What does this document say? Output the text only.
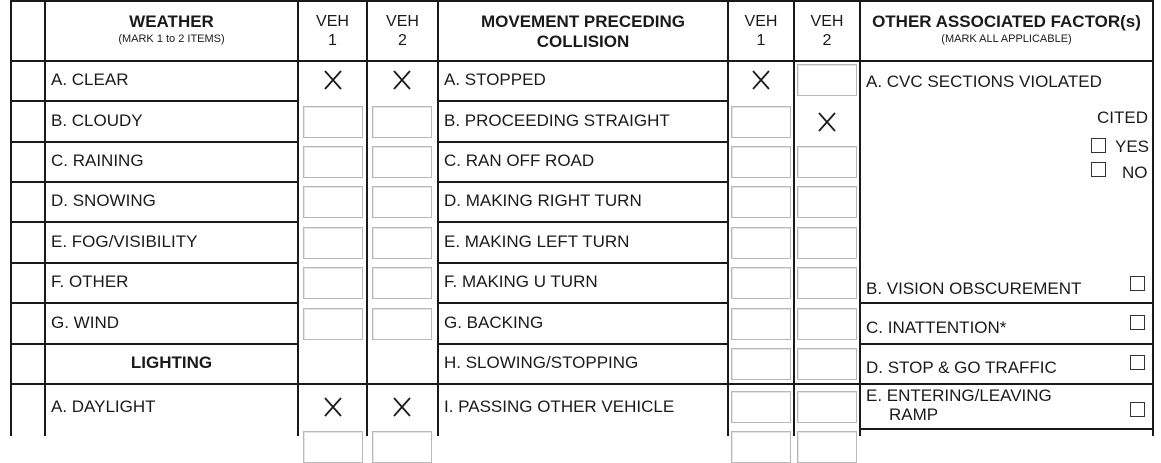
WEATHER
(MARK 1 to 2 ITEMS)
VEH
1
VEH
2
MOVEMENT PRECEDING
COLLISION
VEH
1
VEH
2
OTHER ASSOCIATED FACTOR(s)
(MARK ALL APPLICABLE)
A. CLEAR
B. CLOUDY
C. RAINING
D. SNOWING
E. FOG/VISIBILITY
F. OTHER
G. WIND
LIGHTING
A. DAYLIGHT
A. STOPPED
B. PROCEEDING STRAIGHT
C. RAN OFF ROAD
D. MAKING RIGHT TURN
E. MAKING LEFT TURN
F. MAKING U TURN
G. BACKING
H. SLOWING/STOPPING
I. PASSING OTHER VEHICLE
A. CVC SECTIONS VIOLATED
CITED
YES
NO
B. VISION OBSCUREMENT
C. INATTENTION*
D. STOP & GO TRAFFIC
E. ENTERING/LEAVING
RAMP
